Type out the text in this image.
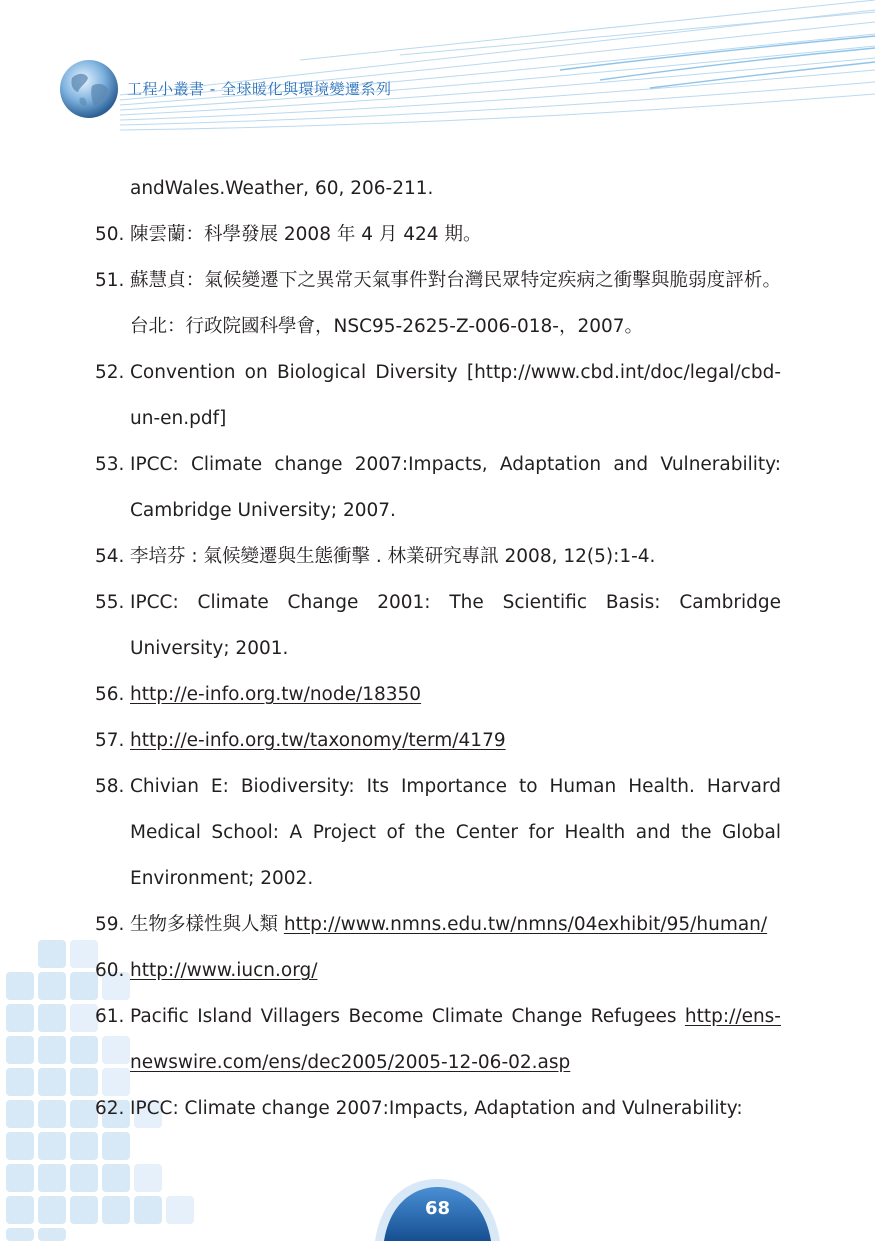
工程小叢書 - 全球暖化與環境變遷系列
andWales.Weather, 60, 206-211.
50. 陳雲蘭：科學發展 2008 年 4 月 424 期。
51. 蘇慧貞：氣候變遷下之異常天氣事件對台灣民眾特定疾病之衝擊與脆弱度評析。台北：行政院國科學會，NSC95-2625-Z-006-018-，2007。
52. Convention on Biological Diversity [http://www.cbd.int/doc/legal/cbd-un-en.pdf]
53. IPCC: Climate change 2007:Impacts, Adaptation and Vulnerability: Cambridge University; 2007.
54. 李培芬 : 氣候變遷與生態衝擊 . 林業研究專訊 2008, 12(5):1-4.
55. IPCC: Climate Change 2001: The Scientific Basis: Cambridge University; 2001.
56. http://e-info.org.tw/node/18350
57. http://e-info.org.tw/taxonomy/term/4179
58. Chivian E: Biodiversity: Its Importance to Human Health. Harvard Medical School: A Project of the Center for Health and the Global Environment; 2002.
59. 生物多樣性與人類 http://www.nmns.edu.tw/nmns/04exhibit/95/human/
60. http://www.iucn.org/
61. Pacific Island Villagers Become Climate Change Refugees http://ens-newswire.com/ens/dec2005/2005-12-06-02.asp
62. IPCC: Climate change 2007:Impacts, Adaptation and Vulnerability:
68
